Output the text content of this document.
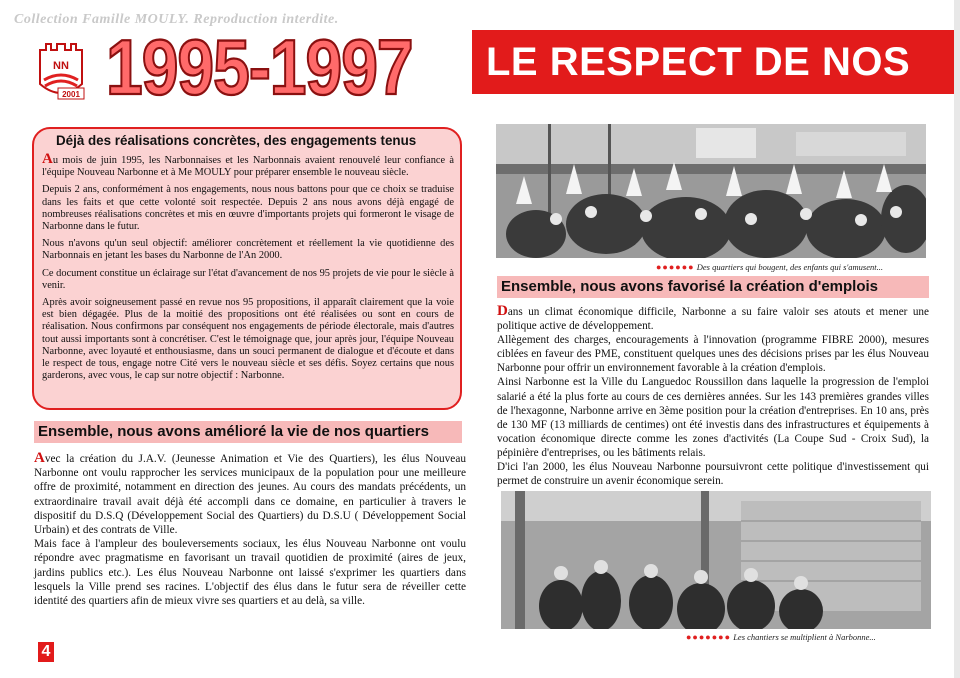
Collection Famille MOULY. Reproduction interdite.
NN
2001 1995-1997	LE RESPECT DE NOS
Déjà des réalisations concrètes, des engagements tenus

Au mois de juin 1995, les Narbonnaises et les Narbonnais avaient renouvelé leur confiance à l'équipe Nouveau Narbonne et à Me MOULY pour préparer ensemble le nouveau siècle.

Depuis 2 ans, conformément à nos engagements, nous nous battons pour que ce choix se traduise dans les faits et que cette volonté soit respectée. Depuis 2 ans nous avons déjà engagé de nombreuses réalisations concrètes et mis en œuvre d'importants projets qui formeront le visage de Narbonne dans le futur.

Nous n'avons qu'un seul objectif: améliorer concrètement et réellement la vie quotidienne des Narbonnais en jetant les bases du Narbonne de l'An 2000.

Ce document constitue un éclairage sur l'état d'avancement de nos 95 projets de vie pour le siècle à venir.

Après avoir soigneusement passé en revue nos 95 propositions, il apparaît clairement que la voie est bien dégagée. Plus de la moitié des propositions ont été réalisées ou sont en cours de réalisation. Nous confirmons par conséquent nos engagements de période électorale, mais d'autres tout aussi importants sont à concrétiser. C'est le témoignage que, jour après jour, l'équipe Nouveau Narbonne, avec loyauté et enthousiasme, dans un souci permanent de dialogue et d'écoute et dans le respect de tous, engage notre Cité vers le nouveau siècle et ses défis. Soyez certains que nous garderons, avec vous, le cap sur notre objectif : Narbonne.

Ensemble, nous avons amélioré la vie de nos quartiers

Avec la création du J.A.V. (Jeunesse Animation et Vie des Quartiers), les élus Nouveau Narbonne ont voulu rapprocher les services municipaux de la population pour une meilleure offre de proximité, notamment en direction des jeunes. Au cours des mandats précédents, un extraordinaire travail avait déjà été accompli dans ce domaine, en particulier à travers le dispositif du D.S.Q (Développement Social des Quartiers) du D.S.U ( Développement Social Urbain) et des contrats de Ville.

Mais face à l'ampleur des bouleversements sociaux, les élus Nouveau Narbonne ont voulu répondre avec pragmatisme en favorisant un travail quotidien de proximité (aires de jeux, jardins publics etc.). Les élus Nouveau Narbonne ont laissé s'exprimer les quartiers dans lesquels la Ville prend ses racines. L'objectif des élus dans le futur sera de réveiller cette identité des quartiers afin de mieux vivre ses quartiers et au delà, sa ville.

●●●●●● Des quartiers qui bougent, des enfants qui s'amusent...
Ensemble, nous avons favorisé la création d'emplois

Dans un climat économique difficile, Narbonne a su faire valoir ses atouts et mener une politique active de développement.

Allègement des charges, encouragements à l'innovation (programme FIBRE 2000), mesures ciblées en faveur des PME, constituent quelques unes des décisions prises par les élus Nouveau Narbonne pour offrir un environnement favorable à la création d'emplois.

Ainsi Narbonne est la Ville du Languedoc Roussillon dans laquelle la progression de l'emploi salarié a été la plus forte au cours de ces dernières années. Sur les 143 premières grandes villes de l'hexagonne, Narbonne arrive en 3ème position pour la création d'entreprises. En 10 ans, près de 130 MF (13 milliards de centimes) ont été investis dans des infrastructures et équipements à vocation économique directe comme les zones d'activités (La Coupe Sud - Croix Sud), la pépinière d'entreprises, ou les bâtiments relais.

D'ici l'an 2000, les élus Nouveau Narbonne poursuivront cette politique d'investissement qui permet de construire un avenir économique serein.

●●●●●●● Les chantiers se multiplient à Narbonne...
4
